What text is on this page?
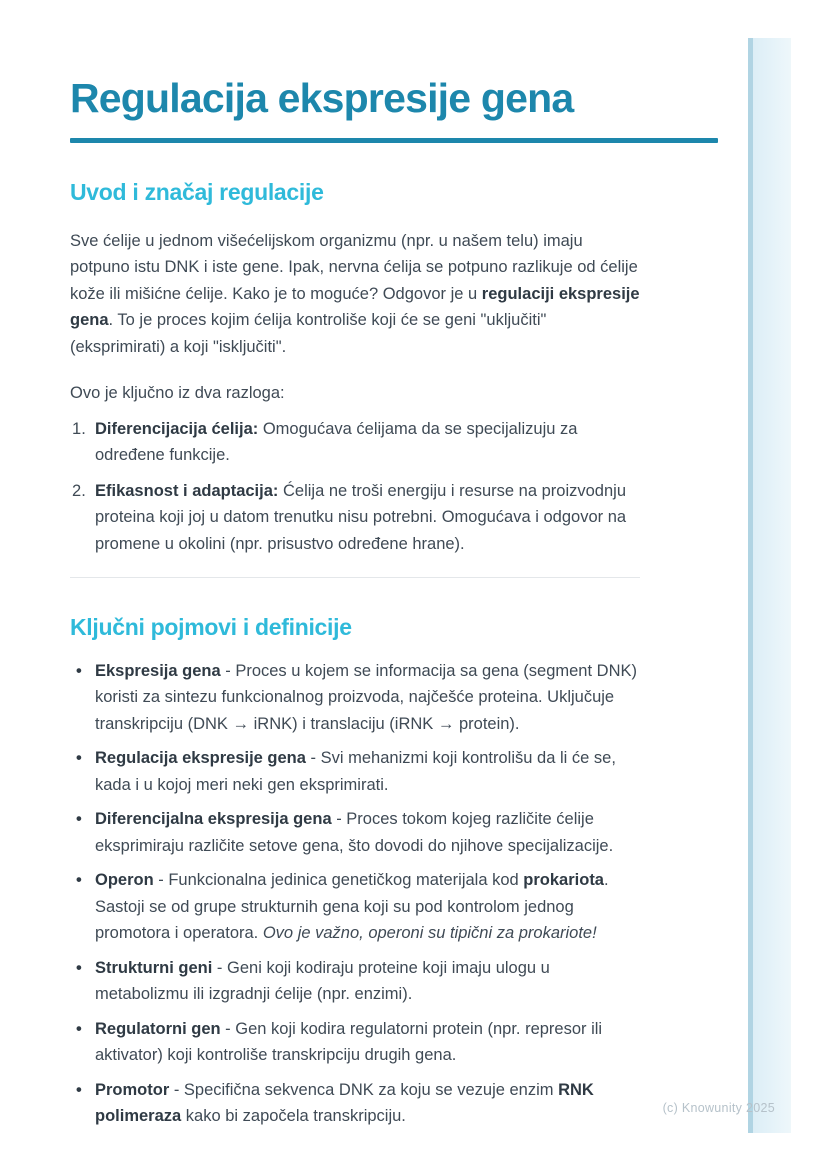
Regulacija ekspresije gena
Uvod i značaj regulacije

Sve ćelije u jednom višećelijskom organizmu (npr. u našem telu) imaju potpuno istu DNK i iste gene. Ipak, nervna ćelija se potpuno razlikuje od ćelije kože ili mišićne ćelije. Kako je to moguće? Odgovor je u regulaciji ekspresije gena. To je proces kojim ćelija kontroliše koji će se geni "uključiti" (eksprimirati) a koji "isključiti".

Ovo je ključno iz dva razloga:

Diferencijacija ćelija: Omogućava ćelijama da se specijalizuju za određene funkcije.
Efikasnost i adaptacija: Ćelija ne troši energiju i resurse na proizvodnju proteina koji joj u datom trenutku nisu potrebni. Omogućava i odgovor na promene u okolini (npr. prisustvo određene hrane).
Ključni pojmovi i definicije
• Ekspresija gena - Proces u kojem se informacija sa gena (segment DNK) koristi za sintezu funkcionalnog proizvoda, najčešće proteina. Uključuje transkripciju (DNK → iRNK) i translaciju (iRNK → protein).
• Regulacija ekspresije gena - Svi mehanizmi koji kontrolišu da li će se, kada i u kojoj meri neki gen eksprimirati.
• Diferencijalna ekspresija gena - Proces tokom kojeg različite ćelije eksprimiraju različite setove gena, što dovodi do njihove specijalizacije.
• Operon - Funkcionalna jedinica genetičkog materijala kod prokariota. Sastoji se od grupe strukturnih gena koji su pod kontrolom jednog promotora i operatora. Ovo je važno, operoni su tipični za prokariote!
• Strukturni geni - Geni koji kodiraju proteine koji imaju ulogu u metabolizmu ili izgradnji ćelije (npr. enzimi).
• Regulatorni gen - Gen koji kodira regulatorni protein (npr. represor ili aktivator) koji kontroliše transkripciju drugih gena.
• Promotor - Specifična sekvenca DNK za koju se vezuje enzim RNK polimeraza kako bi započela transkripciju.	(c) Knowunity 2025
